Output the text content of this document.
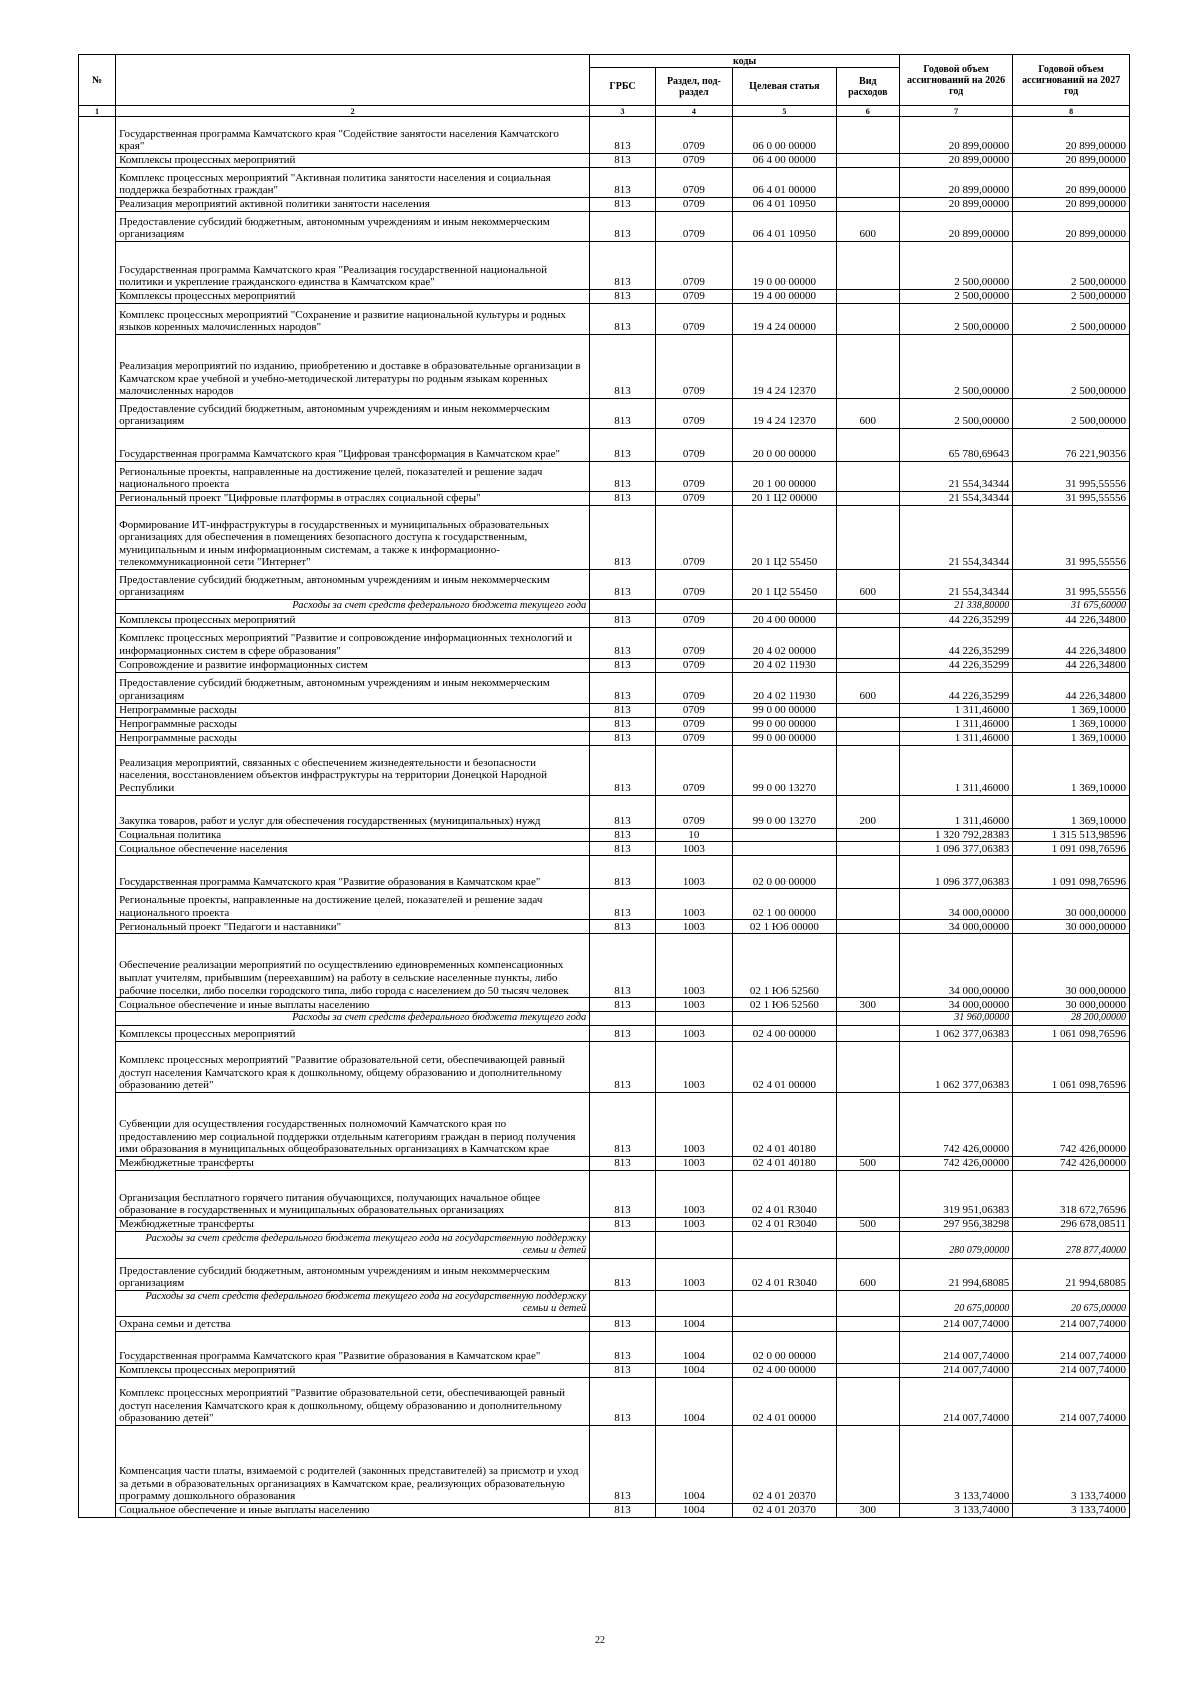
№		коды				Годовой объем ассигнований на 2026 год	Годовой объем ассигнований на 2027 год
		ГРБС	Раздел, под-раздел	Целевая статья	Вид расходов		
1	2	3	4	5	6	7	8
	Государственная программа Камчатского края "Содействие занятости населения Камчатского края"	813	0709	06 0 00 00000		20 899,00000	20 899,00000
	Комплексы процессных мероприятий	813	0709	06 4 00 00000		20 899,00000	20 899,00000
	Комплекс процессных мероприятий "Активная политика занятости населения и социальная поддержка безработных граждан"	813	0709	06 4 01 00000		20 899,00000	20 899,00000
	Реализация мероприятий активной политики занятости населения	813	0709	06 4 01 10950		20 899,00000	20 899,00000
	Предоставление субсидий бюджетным, автономным учреждениям и иным некоммерческим организациям	813	0709	06 4 01 10950	600	20 899,00000	20 899,00000
	Государственная программа Камчатского края "Реализация государственной национальной политики и укрепление гражданского единства в Камчатском крае"	813	0709	19 0 00 00000		2 500,00000	2 500,00000
	Комплексы процессных мероприятий	813	0709	19 4 00 00000		2 500,00000	2 500,00000
	Комплекс процессных мероприятий "Сохранение и развитие национальной культуры и родных языков коренных малочисленных народов"	813	0709	19 4 24 00000		2 500,00000	2 500,00000
	Реализация мероприятий по изданию, приобретению и доставке в образовательные организации в Камчатском крае учебной и учебно-методической литературы по родным языкам коренных малочисленных народов	813	0709	19 4 24 12370		2 500,00000	2 500,00000
	Предоставление субсидий бюджетным, автономным учреждениям и иным некоммерческим организациям	813	0709	19 4 24 12370	600	2 500,00000	2 500,00000
	Государственная программа Камчатского края "Цифровая трансформация в Камчатском крае"	813	0709	20 0 00 00000		65 780,69643	76 221,90356
	Региональные проекты, направленные на достижение целей, показателей и решение задач национального проекта	813	0709	20 1 00 00000		21 554,34344	31 995,55556
	Региональный проект "Цифровые платформы в отраслях социальной сферы"	813	0709	20 1 Ц2 00000		21 554,34344	31 995,55556
	Формирование ИТ-инфраструктуры в государственных и муниципальных образовательных организациях для обеспечения в помещениях безопасного доступа к государственным, муниципальным и иным информационным системам, а также к информационно-телекоммуникационной сети "Интернет"	813	0709	20 1 Ц2 55450		21 554,34344	31 995,55556
	Предоставление субсидий бюджетным, автономным учреждениям и иным некоммерческим организациям	813	0709	20 1 Ц2 55450	600	21 554,34344	31 995,55556
	Расходы за счет средств федерального бюджета текущего года					21 338,80000	31 675,60000
	Комплексы процессных мероприятий	813	0709	20 4 00 00000		44 226,35299	44 226,34800
	Комплекс процессных мероприятий "Развитие и сопровождение информационных технологий и информационных систем в сфере образования"	813	0709	20 4 02 00000		44 226,35299	44 226,34800
	Сопровождение и развитие информационных систем	813	0709	20 4 02 11930		44 226,35299	44 226,34800
	Предоставление субсидий бюджетным, автономным учреждениям и иным некоммерческим организациям	813	0709	20 4 02 11930	600	44 226,35299	44 226,34800
	Непрограммные расходы	813	0709	99 0 00 00000		1 311,46000	1 369,10000
	Непрограммные расходы	813	0709	99 0 00 00000		1 311,46000	1 369,10000
	Непрограммные расходы	813	0709	99 0 00 00000		1 311,46000	1 369,10000
	Реализация мероприятий, связанных с обеспечением жизнедеятельности и безопасности населения, восстановлением объектов инфраструктуры на территории Донецкой Народной Республики	813	0709	99 0 00 13270		1 311,46000	1 369,10000
	Закупка товаров, работ и услуг для обеспечения государственных (муниципальных) нужд	813	0709	99 0 00 13270	200	1 311,46000	1 369,10000
	Социальная политика	813	10			1 320 792,28383	1 315 513,98596
	Социальное обеспечение населения	813	1003			1 096 377,06383	1 091 098,76596
	Государственная программа Камчатского края "Развитие образования в Камчатском крае"	813	1003	02 0 00 00000		1 096 377,06383	1 091 098,76596
	Региональные проекты, направленные на достижение целей, показателей и решение задач национального проекта	813	1003	02 1 00 00000		34 000,00000	30 000,00000
	Региональный проект "Педагоги и наставники"	813	1003	02 1 Ю6 00000		34 000,00000	30 000,00000
	Обеспечение реализации мероприятий по осуществлению единовременных компенсационных выплат учителям, прибывшим (переехавшим) на работу в сельские населенные пункты, либо рабочие поселки, либо поселки городского типа, либо города с населением до 50 тысяч человек	813	1003	02 1 Ю6 52560		34 000,00000	30 000,00000
	Социальное обеспечение и иные выплаты населению	813	1003	02 1 Ю6 52560	300	34 000,00000	30 000,00000
	Расходы за счет средств федерального бюджета текущего года					31 960,00000	28 200,00000
	Комплексы процессных мероприятий	813	1003	02 4 00 00000		1 062 377,06383	1 061 098,76596
	Комплекс процессных мероприятий "Развитие образовательной сети, обеспечивающей равный доступ населения Камчатского края к дошкольному, общему образованию и дополнительному образованию детей"	813	1003	02 4 01 00000		1 062 377,06383	1 061 098,76596
	Субвенции для осуществления государственных полномочий Камчатского края по предоставлению мер социальной поддержки отдельным категориям граждан в период получения ими образования в муниципальных общеобразовательных организациях в Камчатском крае	813	1003	02 4 01 40180		742 426,00000	742 426,00000
	Межбюджетные трансферты	813	1003	02 4 01 40180	500	742 426,00000	742 426,00000
	Организация бесплатного горячего питания обучающихся, получающих начальное общее образование в государственных и муниципальных образовательных организациях	813	1003	02 4 01 R3040		319 951,06383	318 672,76596
	Межбюджетные трансферты	813	1003	02 4 01 R3040	500	297 956,38298	296 678,08511
	Расходы за счет средств федерального бюджета текущего года на государственную поддержку семьи и детей					280 079,00000	278 877,40000
	Предоставление субсидий бюджетным, автономным учреждениям и иным некоммерческим организациям	813	1003	02 4 01 R3040	600	21 994,68085	21 994,68085
	Расходы за счет средств федерального бюджета текущего года на государственную поддержку семьи и детей					20 675,00000	20 675,00000
	Охрана семьи и детства	813	1004			214 007,74000	214 007,74000
	Государственная программа Камчатского края "Развитие образования в Камчатском крае"	813	1004	02 0 00 00000		214 007,74000	214 007,74000
	Комплексы процессных мероприятий	813	1004	02 4 00 00000		214 007,74000	214 007,74000
	Комплекс процессных мероприятий "Развитие образовательной сети, обеспечивающей равный доступ населения Камчатского края к дошкольному, общему образованию и дополнительному образованию детей"	813	1004	02 4 01 00000		214 007,74000	214 007,74000
	Компенсация части платы, взимаемой с родителей (законных представителей) за присмотр и уход за детьми в образовательных организациях в Камчатском крае, реализующих образовательную программу дошкольного образования	813	1004	02 4 01 20370		3 133,74000	3 133,74000
	Социальное обеспечение и иные выплаты населению	813	1004	02 4 01 20370	300	3 133,74000	3 133,74000
22
